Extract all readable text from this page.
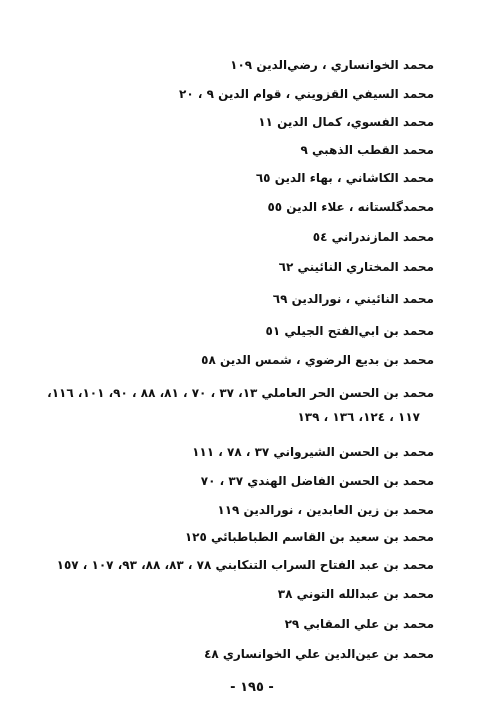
محمد الخوانساري ، رضي‌الدين ١٠٩
محمد السيفي القزويني ، قوام الدين ٩ ، ٢٠
محمد الفسوي، كمال الدين ١١
محمد القطب الذهبي ٩
محمد الكاشاني ، بهاء الدين ٦٥
محمدگلستانه ، علاء الدين ٥٥
محمد المازندراني ٥٤
محمد المختاري النائيني ٦٢
محمد النائيني ، نورالدين ٦٩
محمد بن ابي‌الفتح الجيلي ٥١
محمد بن بديع الرضوي ، شمس الدين ٥٨
محمد بن الحسن الحر العاملي ١٣، ٣٧ ، ٧٠ ، ٨١، ٨٨ ، ٩٠، ١٠١، ١١٦،
١١٧ ، ١٢٤، ١٣٦ ، ١٣٩
محمد بن الحسن الشيرواني ٣٧ ، ٧٨ ، ١١١
محمد بن الحسن الفاضل الهندي ٣٧ ، ٧٠
محمد بن زين العابدين ، نورالدين ١١٩
محمد بن سعيد بن القاسم الطباطبائي ١٢٥
محمد بن عبد الفتاح السراب التنكابني ٧٨ ، ٨٣، ٨٨، ٩٣، ١٠٧ ، ١٥٧
محمد بن عبدالله التوني ٣٨
محمد بن علي المقابي ٢٩
محمد بن عين‌الدين علي الخوانساري ٤٨
- ١٩٥ -
